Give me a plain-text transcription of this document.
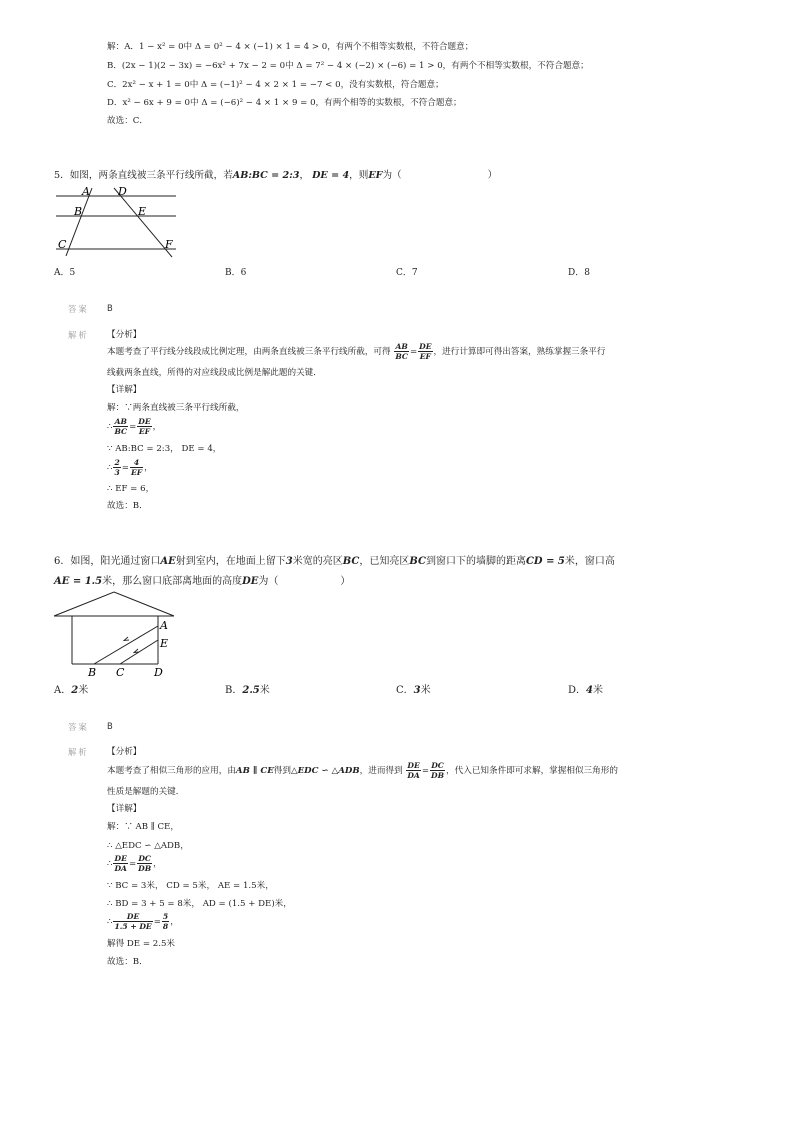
解：A．1 − x² = 0中 Δ = 0² − 4 × (−1) × 1 = 4 > 0，有两个不相等实数根，不符合题意；
B．(2x − 1)(2 − 3x) = −6x² + 7x − 2 = 0中 Δ = 7² − 4 × (−2) × (−6) = 1 > 0，有两个不相等实数根，不符合题意；
C．2x² − x + 1 = 0中 Δ = (−1)² − 4 × 2 × 1 = −7 < 0，没有实数根，符合题意；
D．x² − 6x + 9 = 0中 Δ = (−6)² − 4 × 1 × 9 = 0，有两个相等的实数根，不符合题意；
故选：C．
5．如图，两条直线被三条平行线所截，若AB:BC = 2:3， DE = 4，则EF为（	）
A	D
B	E
C	F
A．5	B．6	C．7	D．8
答案 B
解析 【分析】
本题考查了平行线分线段成比例定理，由两条直线被三条平行线所截，可得 $\frac{AB}{BC} = \frac{DE}{EF}$ ，进行计算即可得出答案，熟练掌握三条平行
线截两条直线，所得的对应线段成比例是解此题的关键．
【详解】
解：∵两条直线被三条平行线所截，
∴ $\frac{AB}{BC} = \frac{DE}{EF}$ ，
∵ AB:BC = 2:3， DE = 4，
∴ $\frac{2}{3} = \frac{4}{EF}$ ，
∴ EF = 6，
故选：B．
6．如图，阳光通过窗口AE射到室内，在地面上留下3米宽的亮区BC，已知亮区BC到窗口下的墙脚的距离CD = 5米，窗口高
AE = 1.5米，那么窗口底部离地面的高度DE为（	）
A
E
B C	D
A．2米	B．2.5米	C．3米	D．4米
答案 B
解析 【分析】
本题考查了相似三角形的应用，由AB ∥ CE得到△EDC ∽ △ADB，进而得到 $\frac{DE}{DA} = \frac{DC}{DB}$ ，代入已知条件即可求解，掌握相似三角形的
性质是解题的关键．
【详解】
解：∵ AB ∥ CE，
∴ △EDC ∽ △ADB，
∴ $\frac{DE}{DA} = \frac{DC}{DB}$ ，
∵ BC = 3米， CD = 5米， AE = 1.5米，
∴ BD = 3 + 5 = 8米， AD = (1.5 + DE)米，
∴ $\frac{DE}{1.5 + DE} = \frac{5}{8}$ ，
解得 DE = 2.5米
故选：B．
